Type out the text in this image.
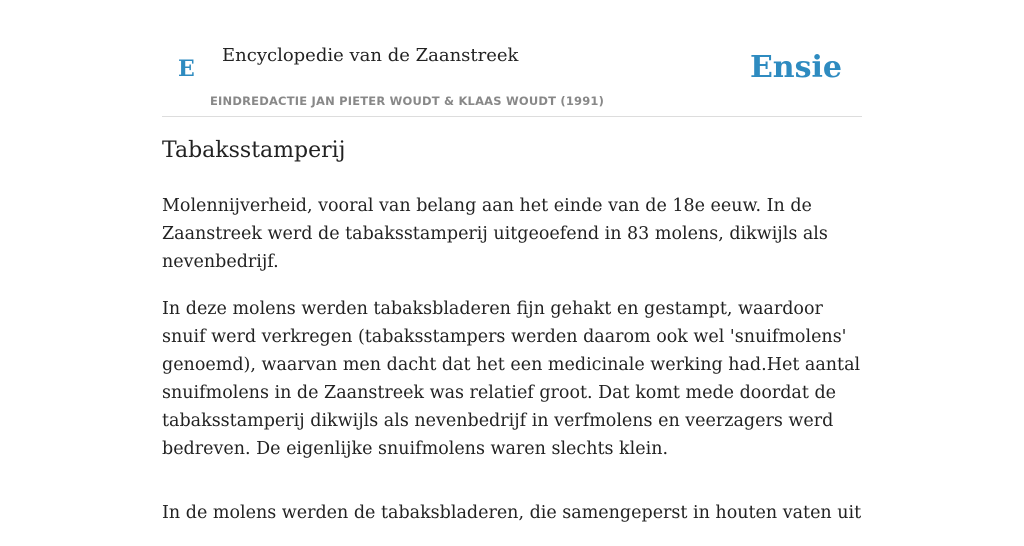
E
Encyclopedie van de Zaanstreek
EINDREDACTIE JAN PIETER WOUDT & KLAAS WOUDT (1991)
Ensie
Tabaksstamperij

Molennijverheid, vooral van belang aan het einde van de 18e eeuw. In de Zaanstreek werd de tabaksstamperij uitgeoefend in 83 molens, dikwijls als nevenbedrijf.

In deze molens werden tabaksbladeren fijn gehakt en gestampt, waardoor snuif werd verkregen (tabaksstampers werden daarom ook wel 'snuifmolens' genoemd), waarvan men dacht dat het een medicinale werking had.Het aantal snuifmolens in de Zaanstreek was relatief groot. Dat komt mede doordat de tabaksstamperij dikwijls als nevenbedrijf in verfmolens en veerzagers werd bedreven. De eigenlijke snuifmolens waren slechts klein.

In de molens werden de tabaksbladeren, die samengeperst in houten vaten uit
